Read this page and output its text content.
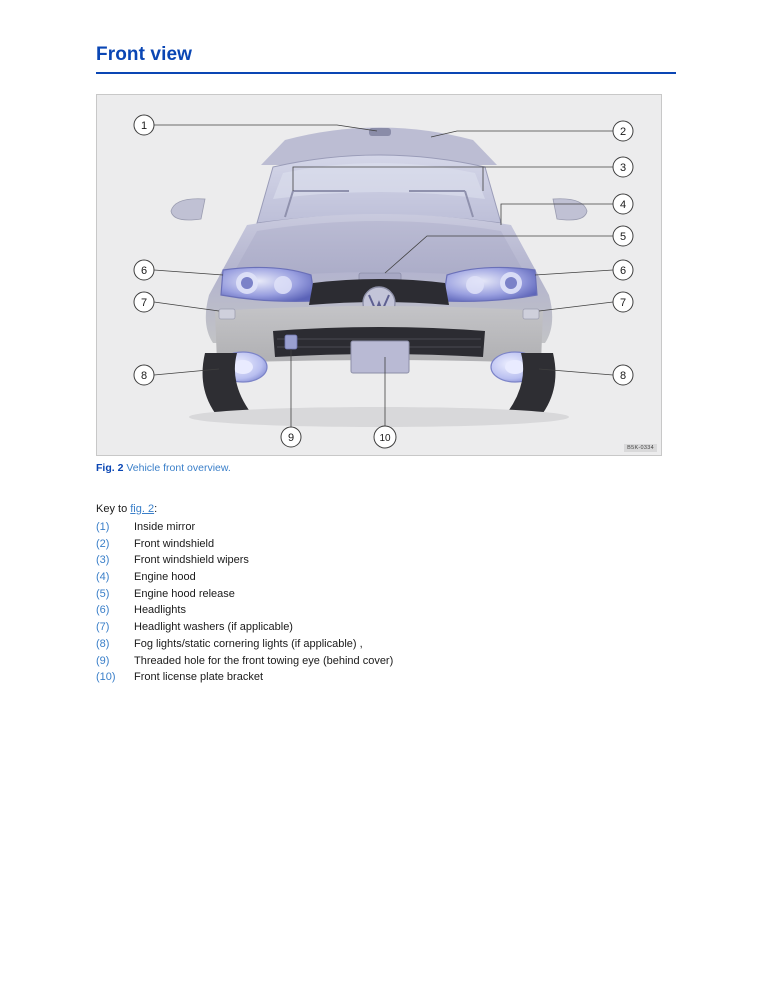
Front view
1	2
3
4
5
6	6
7	7
8	8
9	10
B5K-0334
Fig. 2 Vehicle front overview.
Key to fig. 2:
(1)	Inside mirror
(2)	Front windshield
(3)	Front windshield wipers
(4)	Engine hood
(5)	Engine hood release
(6)	Headlights
(7)	Headlight washers (if applicable)
(8)	Fog lights/static cornering lights (if applicable) ,
(9)	Threaded hole for the front towing eye (behind cover)
(10)	Front license plate bracket
